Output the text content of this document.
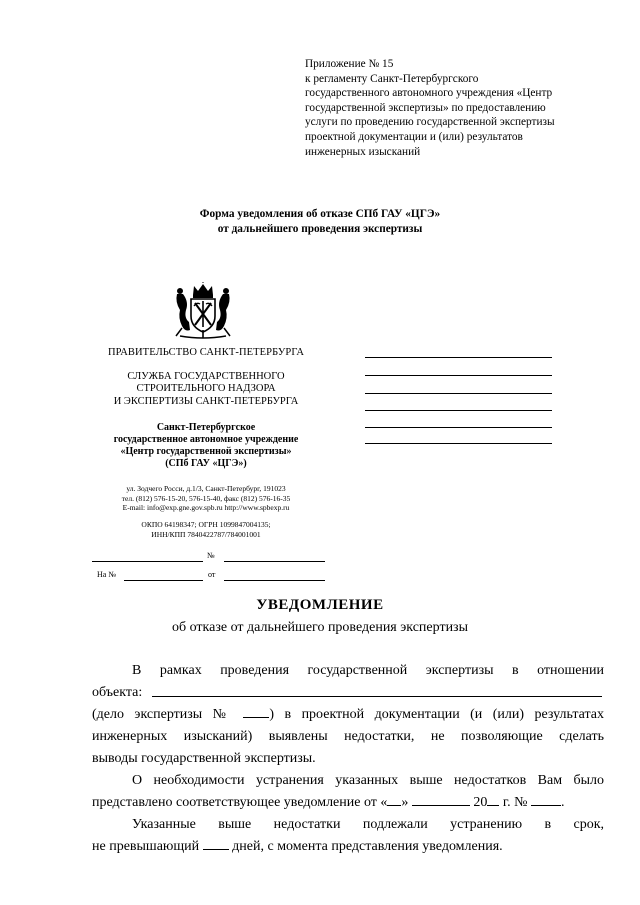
Приложение № 15
к регламенту Санкт-Петербургского
государственного автономного учреждения «Центр
государственной экспертизы» по предоставлению
услуги по проведению государственной экспертизы
проектной документации и (или) результатов
инженерных изысканий
Форма уведомления об отказе СПб ГАУ «ЦГЭ»
от дальнейшего проведения экспертизы
ПРАВИТЕЛЬСТВО САНКТ-ПЕТЕРБУРГА
СЛУЖБА ГОСУДАРСТВЕННОГО
СТРОИТЕЛЬНОГО НАДЗОРА
И ЭКСПЕРТИЗЫ САНКТ-ПЕТЕРБУРГА
Санкт-Петербургское
государственное автономное учреждение
«Центр государственной экспертизы»
(СПб ГАУ «ЦГЭ»)
ул. Зодчего Росси, д.1/3, Санкт-Петербург, 191023
тел. (812) 576-15-20, 576-15-40, факс (812) 576-16-35
E-mail: info@exp.gne.gov.spb.ru http://www.spbexp.ru
ОКПО 64198347; ОГРН 1099847004135;
ИНН/КПП 7840422787/784001001
№
На №	от
УВЕДОМЛЕНИЕ
об отказе от дальнейшего проведения экспертизы
В рамках проведения государственной экспертизы в отношении
объекта:
(дело экспертизы №	) в проектной документации (и (или) результатах
инженерных изысканий) выявлены недостатки, не позволяющие сделать
выводы государственной экспертизы.
О необходимости устранения указанных выше недостатков Вам было
представлено соответствующее уведомление от « »	20 г. № .
Указанные выше недостатки подлежали устранению в срок,
не превышающий дней, с момента представления уведомления.
